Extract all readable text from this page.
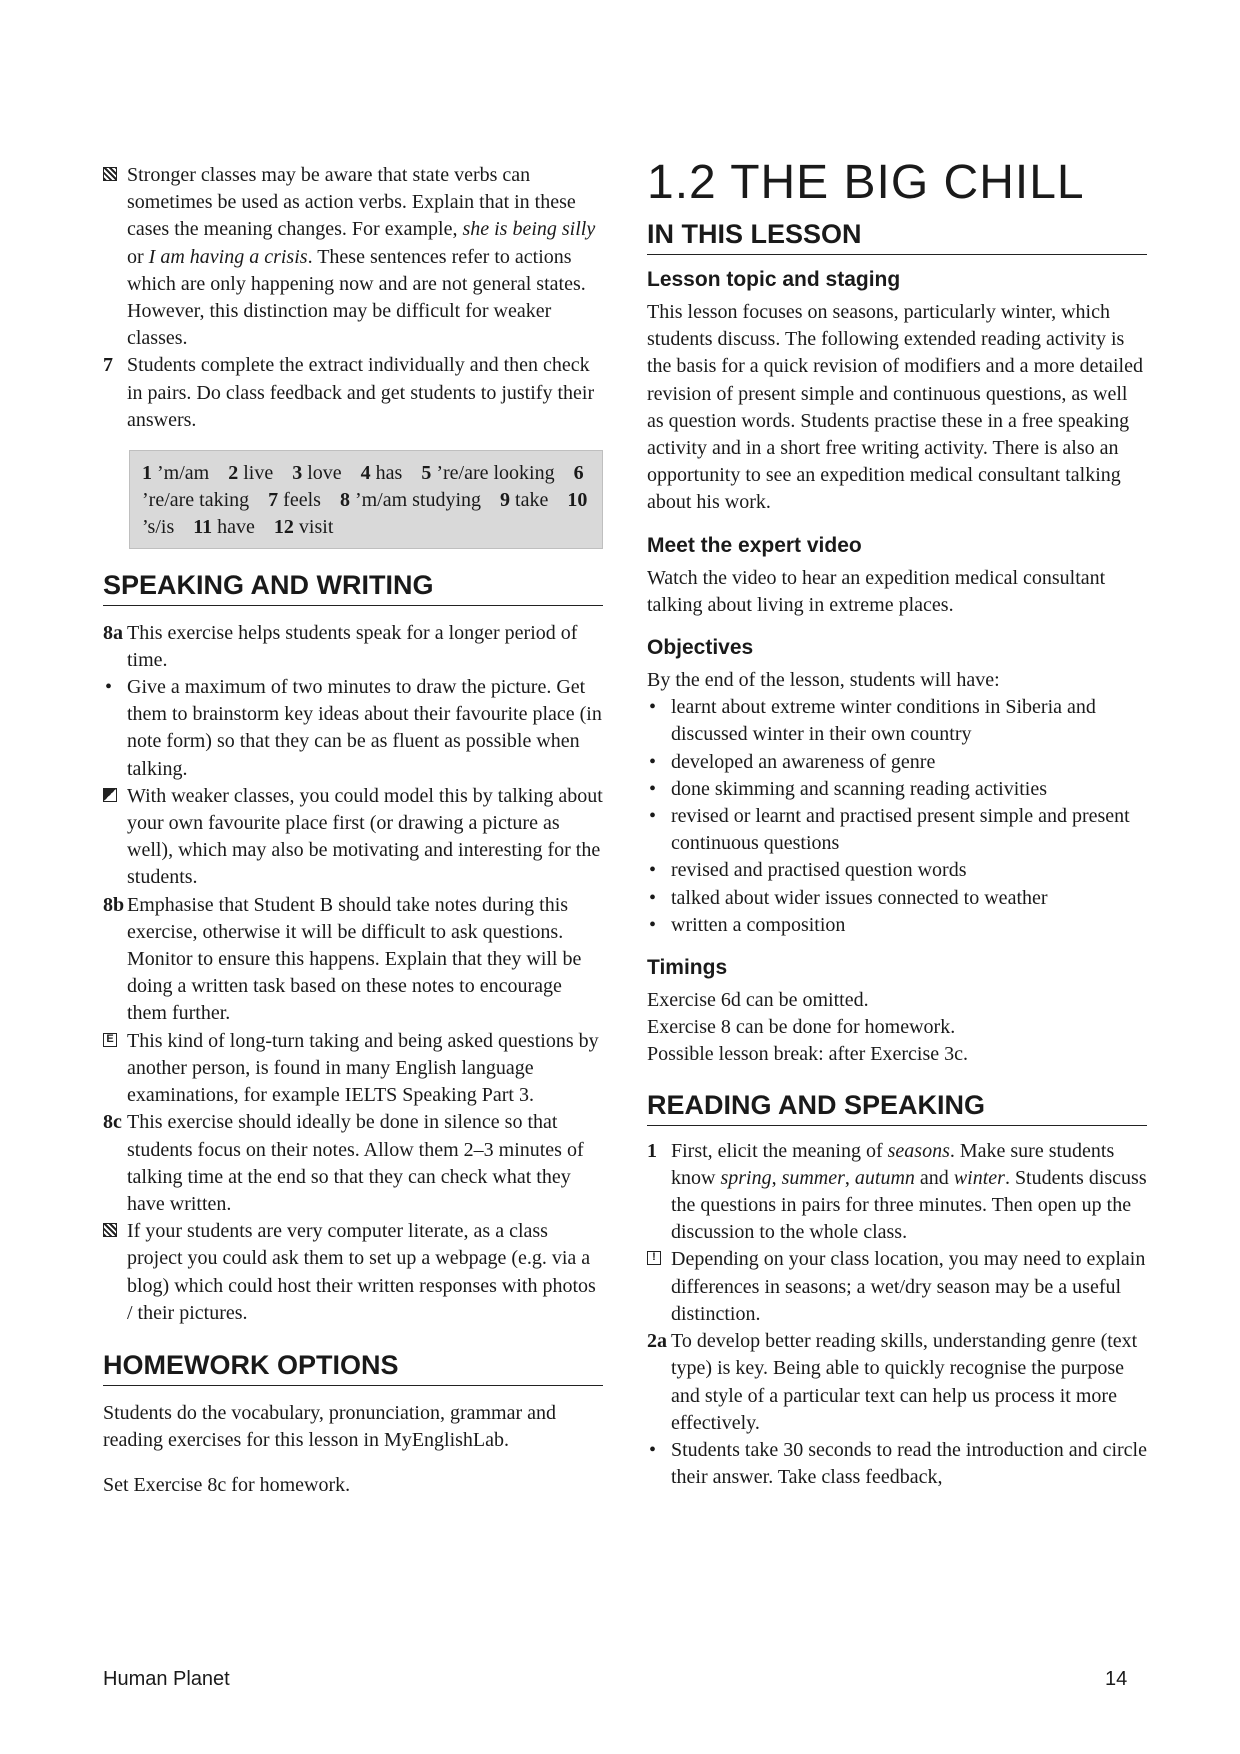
Stronger classes may be aware that state verbs can sometimes be used as action verbs. Explain that in these cases the meaning changes. For example, she is being silly or I am having a crisis. These sentences refer to actions which are only happening now and are not general states. However, this distinction may be difficult for weaker classes.
7 Students complete the extract individually and then check in pairs. Do class feedback and get students to justify their answers.
1 ’m/am 2 live 3 love 4 has 5 ’re/are looking 6 ’re/are taking 7 feels 8 ’m/am studying 9 take 10 ’s/is 11 have 12 visit
SPEAKING AND WRITING
8a This exercise helps students speak for a longer period of time.
• Give a maximum of two minutes to draw the picture. Get them to brainstorm key ideas about their favourite place (in note form) so that they can be as fluent as possible when talking.
With weaker classes, you could model this by talking about your own favourite place first (or drawing a picture as well), which may also be motivating and interesting for the students.
8b Emphasise that Student B should take notes during this exercise, otherwise it will be difficult to ask questions. Monitor to ensure this happens. Explain that they will be doing a written task based on these notes to encourage them further.
E This kind of long-turn taking and being asked questions by another person, is found in many English language examinations, for example IELTS Speaking Part 3.
8c This exercise should ideally be done in silence so that students focus on their notes. Allow them 2–3 minutes of talking time at the end so that they can check what they have written.
If your students are very computer literate, as a class project you could ask them to set up a webpage (e.g. via a blog) which could host their written responses with photos / their pictures.
HOMEWORK OPTIONS

Students do the vocabulary, pronunciation, grammar and reading exercises for this lesson in MyEnglishLab.

Set Exercise 8c for homework.

1.2 THE BIG CHILL
IN THIS LESSON
Lesson topic and staging

This lesson focuses on seasons, particularly winter, which students discuss. The following extended reading activity is the basis for a quick revision of modifiers and a more detailed revision of present simple and continuous questions, as well as question words. Students practise these in a free speaking activity and in a short free writing activity. There is also an opportunity to see an expedition medical consultant talking about his work.

Meet the expert video

Watch the video to hear an expedition medical consultant talking about living in extreme places.

Objectives

By the end of the lesson, students will have:

• learnt about extreme winter conditions in Siberia and discussed winter in their own country
• developed an awareness of genre
• done skimming and scanning reading activities
• revised or learnt and practised present simple and present continuous questions
• revised and practised question words
• talked about wider issues connected to weather
• written a composition
Timings

Exercise 6d can be omitted.

Exercise 8 can be done for homework.

Possible lesson break: after Exercise 3c.

READING AND SPEAKING
1 First, elicit the meaning of seasons. Make sure students know spring, summer, autumn and winter. Students discuss the questions in pairs for three minutes. Then open up the discussion to the whole class.
! Depending on your class location, you may need to explain differences in seasons; a wet/dry season may be a useful distinction.
2a To develop better reading skills, understanding genre (text type) is key. Being able to quickly recognise the purpose and style of a particular text can help us process it more effectively.
• Students take 30 seconds to read the introduction and circle their answer. Take class feedback,
Human Planet	14
